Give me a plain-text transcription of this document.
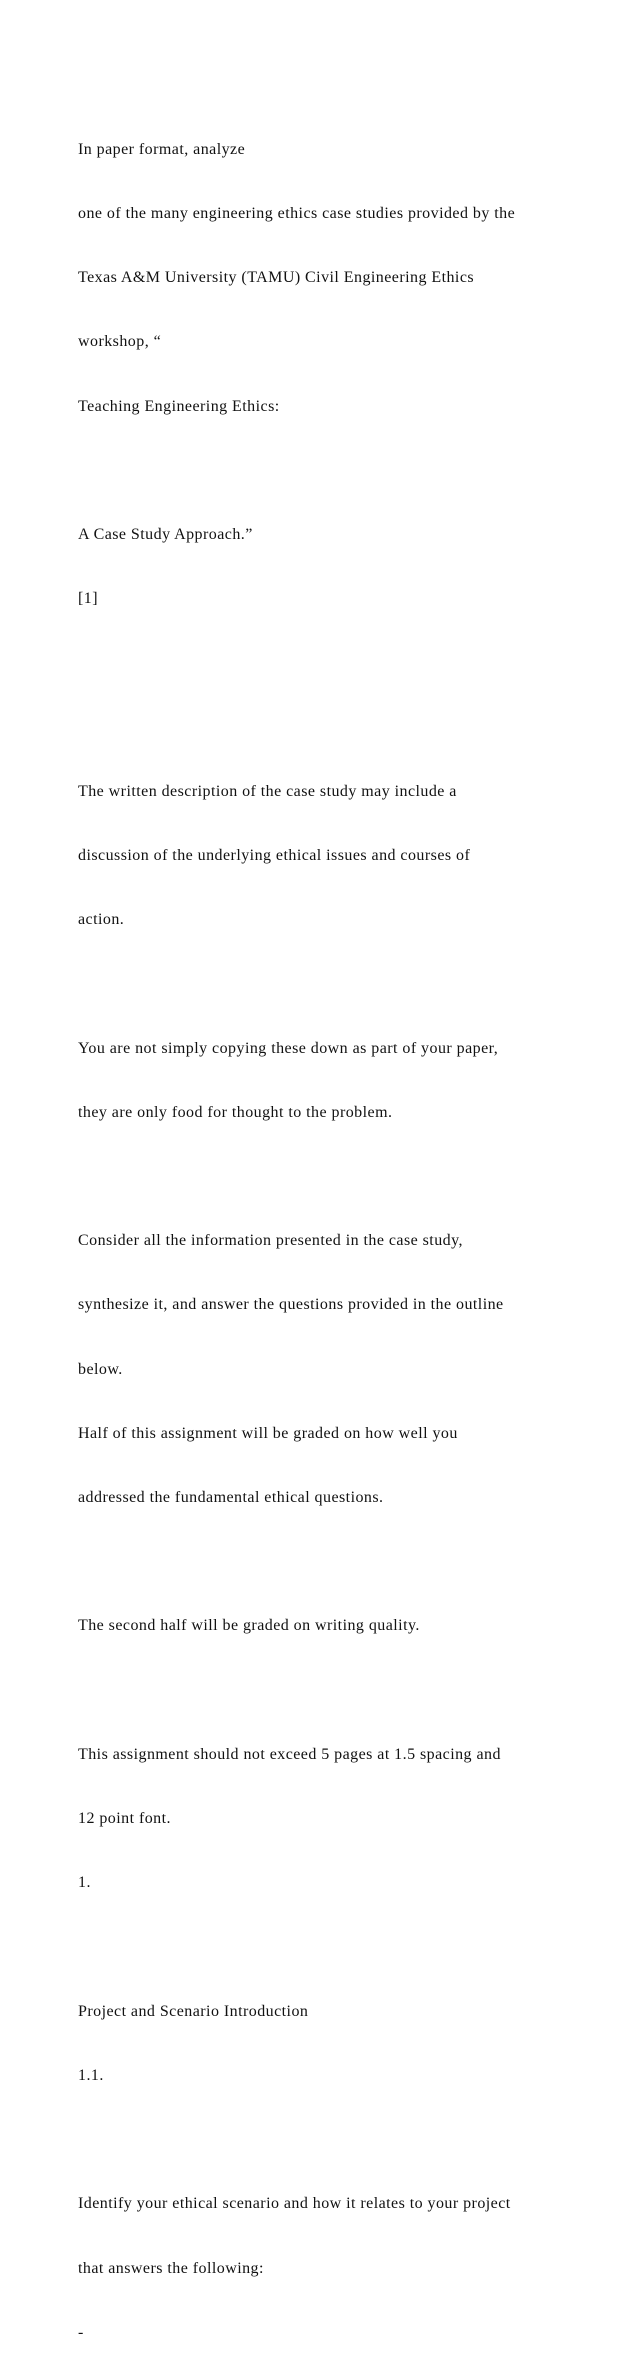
In paper format, analyze

one of the many engineering ethics case studies provided by the

Texas A&M University (TAMU) Civil Engineering Ethics

workshop, “

Teaching Engineering Ethics:

A Case Study Approach.”

[1]

The written description of the case study may include a

discussion of the underlying ethical issues and courses of

action.

You are not simply copying these down as part of your paper,

they are only food for thought to the problem.

Consider all the information presented in the case study,

synthesize it, and answer the questions provided in the outline

below.

Half of this assignment will be graded on how well you

addressed the fundamental ethical questions.

The second half will be graded on writing quality.

This assignment should not exceed 5 pages at 1.5 spacing and

12 point font.

1.

Project and Scenario Introduction

1.1.

Identify your ethical scenario and how it relates to your project

that answers the following:

-
